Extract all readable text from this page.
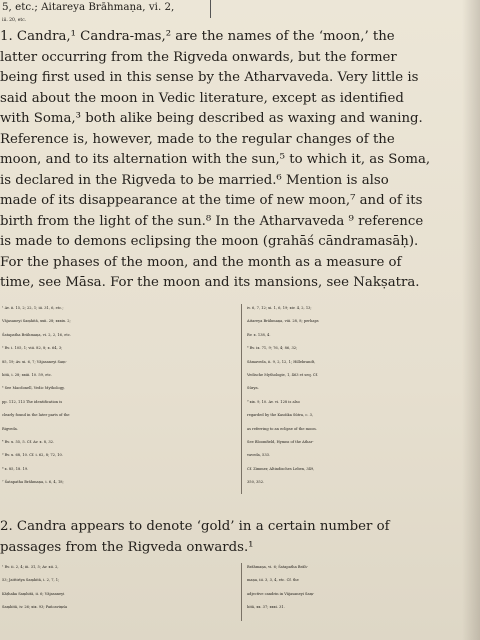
5, etc.; Aitareya Brāhmaṇa, vi. 2,
iii. 20, etc.
1. Candra,¹ Candra-mas,² are the names of the ‘moon,’ the
latter occurring from the Rigveda onwards, but the former
being first used in this sense by the Atharvaveda. Very little is
said about the moon in Vedic literature, except as identified
with Soma,³ both alike being described as waxing and waning.
Reference is, however, made to the regular changes of the
moon, and to its alternation with the sun,⁵ to which it, as Soma,
is declared in the Rigveda to be married.⁶ Mention is also
made of its disappearance at the time of new moon,⁷ and of its
birth from the light of the sun.⁸ In the Atharvaveda ⁹ reference
is made to demons eclipsing the moon (grahāś cāndramasāḥ).
For the phases of the moon, and the month as a measure of
time, see Māsa. For the moon and its mansions, see Nakṣatra.
¹ Av. ii. 15, 2; 22, 1; iii. 31, 6, etc.;
Vājasaneyi Saṃhitā, xxii. 28; xxxix. 2;
Śatapatha Brāhmaṇa, vi. 2, 2, 16, etc.
² Rv. i. 105, 1; viii. 82, 8; x. 64, 3;
85, 19; Av. xi. 6, 7; Vājasaneyi Saṃ-
hitā, i. 28; xxiii. 10. 59, etc.
³ See Macdonell, Vedic Mythology,
pp. 112, 113 The identification is
clearly found in the later parts of the
Rigveda.
⁴ Rv. x. 55, 5. Cf. Av. x. 8, 32.
⁵ Rv. x. 68, 10. Cf. i. 62, 8; 72, 10.
⁶ x. 85, 18. 19.
⁷ Śatapatha Brāhmaṇa, i. 6, 4, 18;
iv. 6, 7, 12; xi. 1, 6, 19; xiv. 4, 2, 13;
Aitareya Brāhmaṇa, viii. 28, 8; perhaps
Rv. x. 138, 4.
⁸ Rv. ix. 71, 9; 76, 4; 86, 32;
Sāmaveda, ii. 9, 2, 12, 1; Hillebrandt,
Vedische Mythologie, 1, 463 et seq. Cf.
Sūrya.
⁹ xix. 9, 10. Av. vi. 128 is also
regarded by the Kauśika Sūtra, c. 3,
as referring to an eclipse of the moon.
See Bloomfield, Hymns of the Athar-
vaveda, 533.
Cf. Zimmer, Altindisches Leben, 349,
350, 352.
2. Candra appears to denote ‘gold’ in a certain number of
passages from the Rigveda onwards.¹
¹ Rv. ii. 2, 4; iii. 31, 5; Av. xii. 2,
53; Jaittirīya Saṃhitā, i. 2, 7, 1;
Kāṭhaka Saṃhitā, ii. 6; Vājasaneyi
Saṃhitā, iv. 26; xix. 93; Pañcaviṃśa
Brāhmaṇa, vi. 6; Śatapatha Brāh-
maṇa, iii. 3, 3, 4, etc. Cf. the
adjective candrin in Vājasaneyi Saṃ-
hitā, xx. 37; xxxi. 31.
